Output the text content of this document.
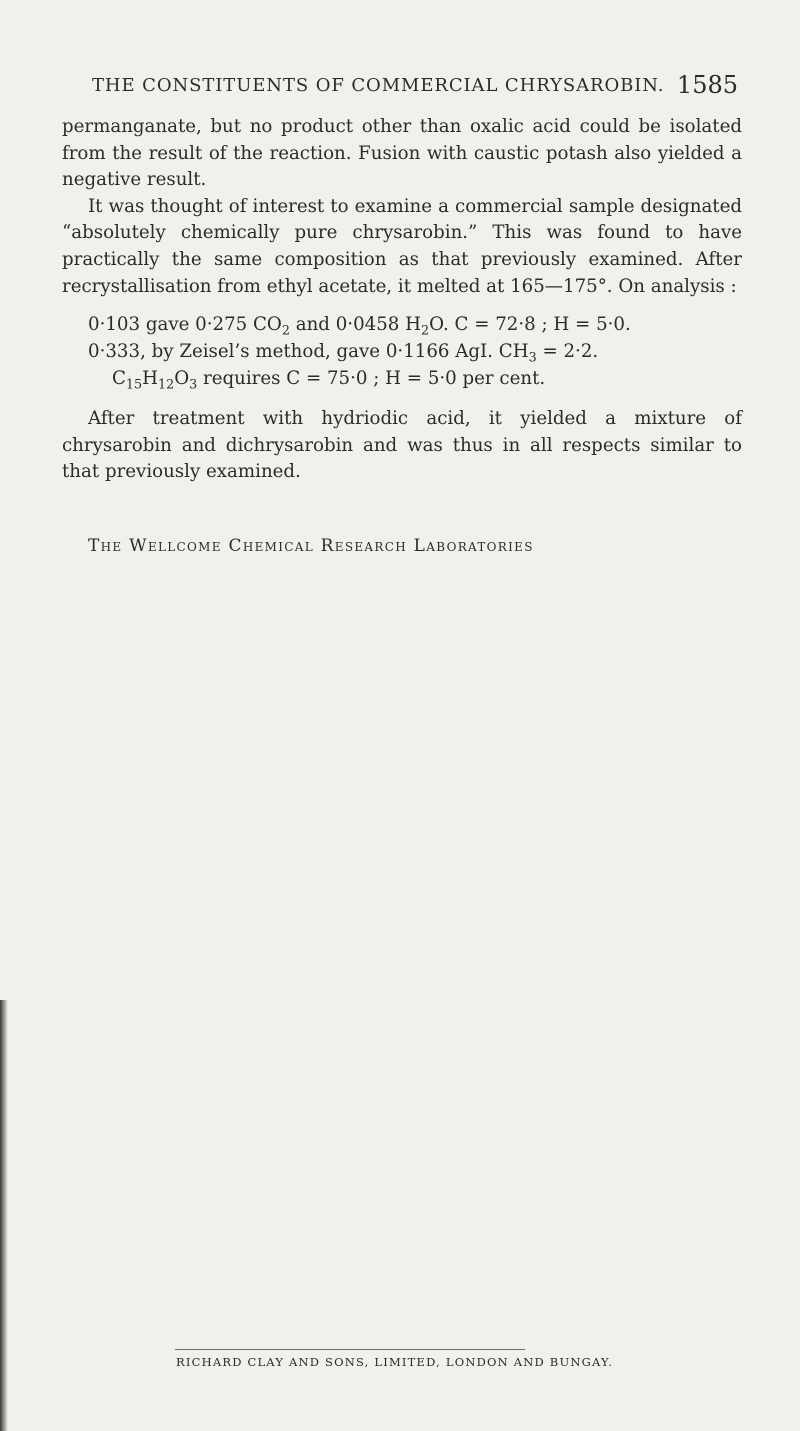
THE CONSTITUENTS OF COMMERCIAL CHRYSAROBIN. 1585

permanganate, but no product other than oxalic acid could be isolated from the result of the reaction. Fusion with caustic potash also yielded a negative result.

It was thought of interest to examine a commercial sample designated “absolutely chemically pure chrysarobin.” This was found to have practically the same composition as that previously examined. After recrystallisation from ethyl acetate, it melted at 165—175°. On analysis :

0·103 gave 0·275 $CO_2$ and 0·0458 $H_2O$. C = 72·8 ; H = 5·0.
0·333, by Zeisel’s method, gave 0·1166 AgI. $CH_3 = 2\cdot 2$.
$C_{15}H_{12}O_3$ requires C = 75·0 ; H = 5·0 per cent.

After treatment with hydriodic acid, it yielded a mixture of chrysarobin and dichrysarobin and was thus in all respects similar to that previously examined.

The Wellcome Chemical Research Laboratories
RICHARD CLAY AND SONS, LIMITED, LONDON AND BUNGAY.
